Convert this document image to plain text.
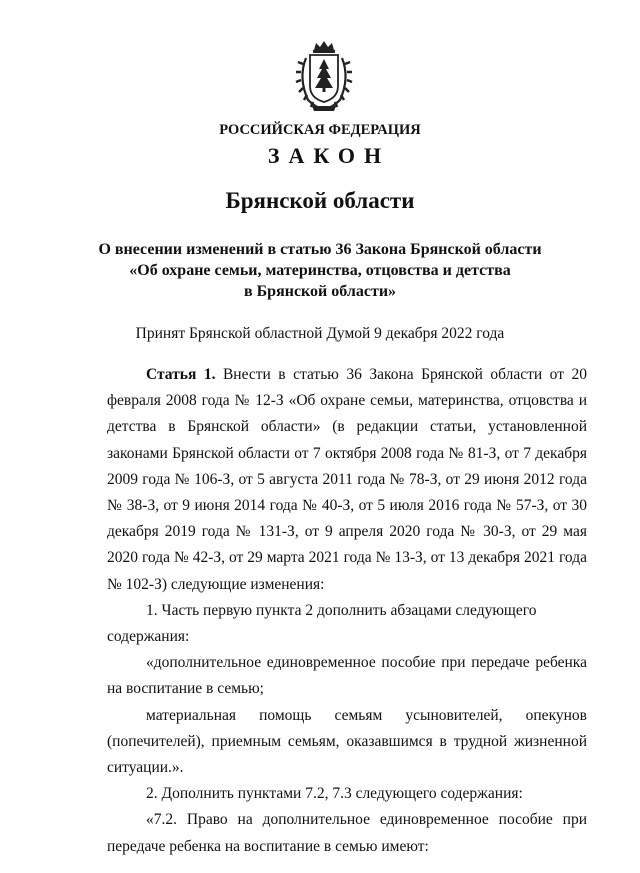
РОССИЙСКАЯ ФЕДЕРАЦИЯ
ЗАКОН
Брянской области
О внесении изменений в статью 36 Закона Брянской области
«Об охране семьи, материнства, отцовства и детства
в Брянской области»
Принят Брянской областной Думой 9 декабря 2022 года

Статья 1. Внести в статью 36 Закона Брянской области от 20 февраля 2008 года № 12-З «Об охране семьи, материнства, отцовства и детства в Брянской области» (в редакции статьи, установленной законами Брянской области от 7 октября 2008 года № 81-З, от 7 декабря 2009 года № 106-З, от 5 августа 2011 года № 78-З, от 29 июня 2012 года № 38-З, от 9 июня 2014 года № 40-З, от 5 июля 2016 года № 57-З, от 30 декабря 2019 года № 131-З, от 9 апреля 2020 года № 30-З, от 29 мая 2020 года № 42-З, от 29 марта 2021 года № 13-З, от 13 декабря 2021 года № 102-З) следующие изменения:

1. Часть первую пункта 2 дополнить абзацами следующего содержания:

«дополнительное единовременное пособие при передаче ребенка на воспитание в семью;

материальная помощь семьям усыновителей, опекунов (попечителей), приемным семьям, оказавшимся в трудной жизненной ситуации.».

2. Дополнить пунктами 7.2, 7.3 следующего содержания:

«7.2. Право на дополнительное единовременное пособие при передаче ребенка на воспитание в семью имеют:
